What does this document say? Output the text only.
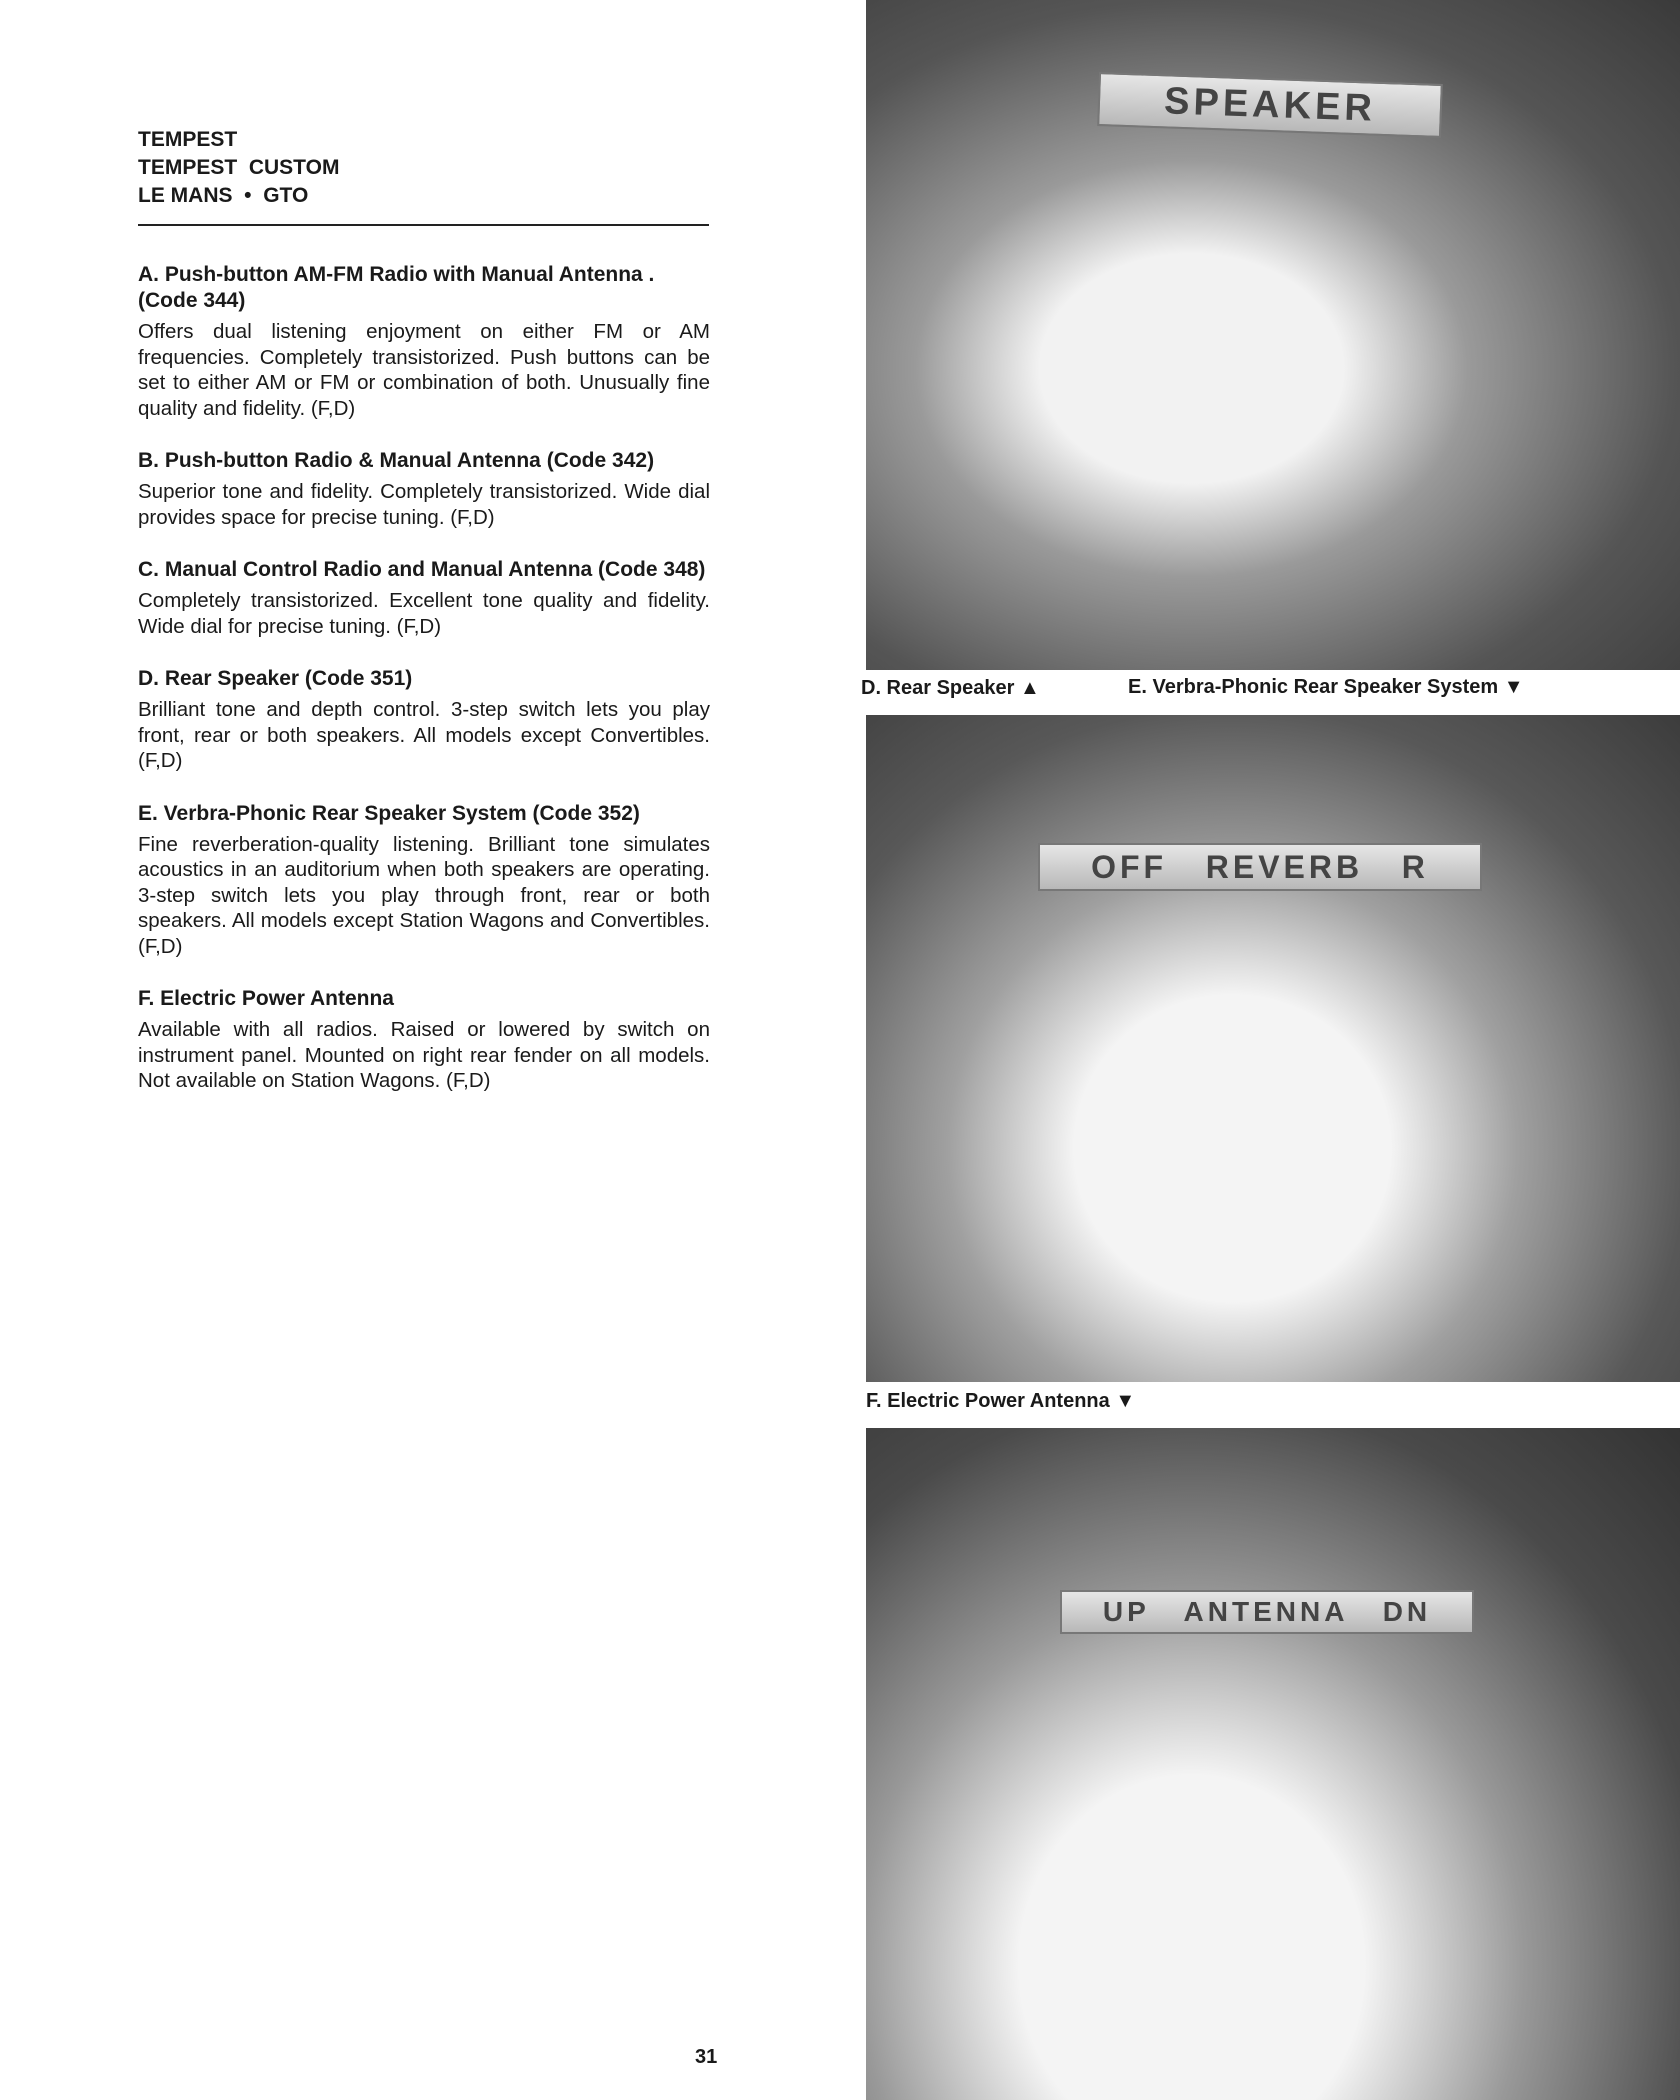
TEMPEST
TEMPEST  CUSTOM
LE MANS  •  GTO
A. Push-button AM-FM Radio with Manual Antenna . (Code 344)

Offers dual listening enjoyment on either FM or AM frequencies. Completely transistorized. Push buttons can be set to either AM or FM or combination of both. Unusually fine quality and fidelity. (F,D)

B. Push-button Radio & Manual Antenna (Code 342)

Superior tone and fidelity. Completely transistorized. Wide dial provides space for precise tuning. (F,D)

C. Manual Control Radio and Manual Antenna (Code 348)

Completely transistorized. Excellent tone quality and fidelity. Wide dial for precise tuning. (F,D)

D. Rear Speaker (Code 351)

Brilliant tone and depth control. 3-step switch lets you play front, rear or both speakers. All models except Convertibles. (F,D)

E. Verbra-Phonic Rear Speaker System (Code 352)

Fine reverberation-quality listening. Brilliant tone simulates acoustics in an auditorium when both speakers are operating. 3-step switch lets you play through front, rear or both speakers. All models except Station Wagons and Convertibles. (F,D)

F. Electric Power Antenna

Available with all radios. Raised or lowered by switch on instrument panel. Mounted on right rear fender on all models. Not available on Station Wagons. (F,D)

SPEAKER
D. Rear Speaker ▲	E. Verbra-Phonic Rear Speaker System ▼
OFF   REVERB   R
F. Electric Power Antenna ▼
UP   ANTENNA   DN
31
